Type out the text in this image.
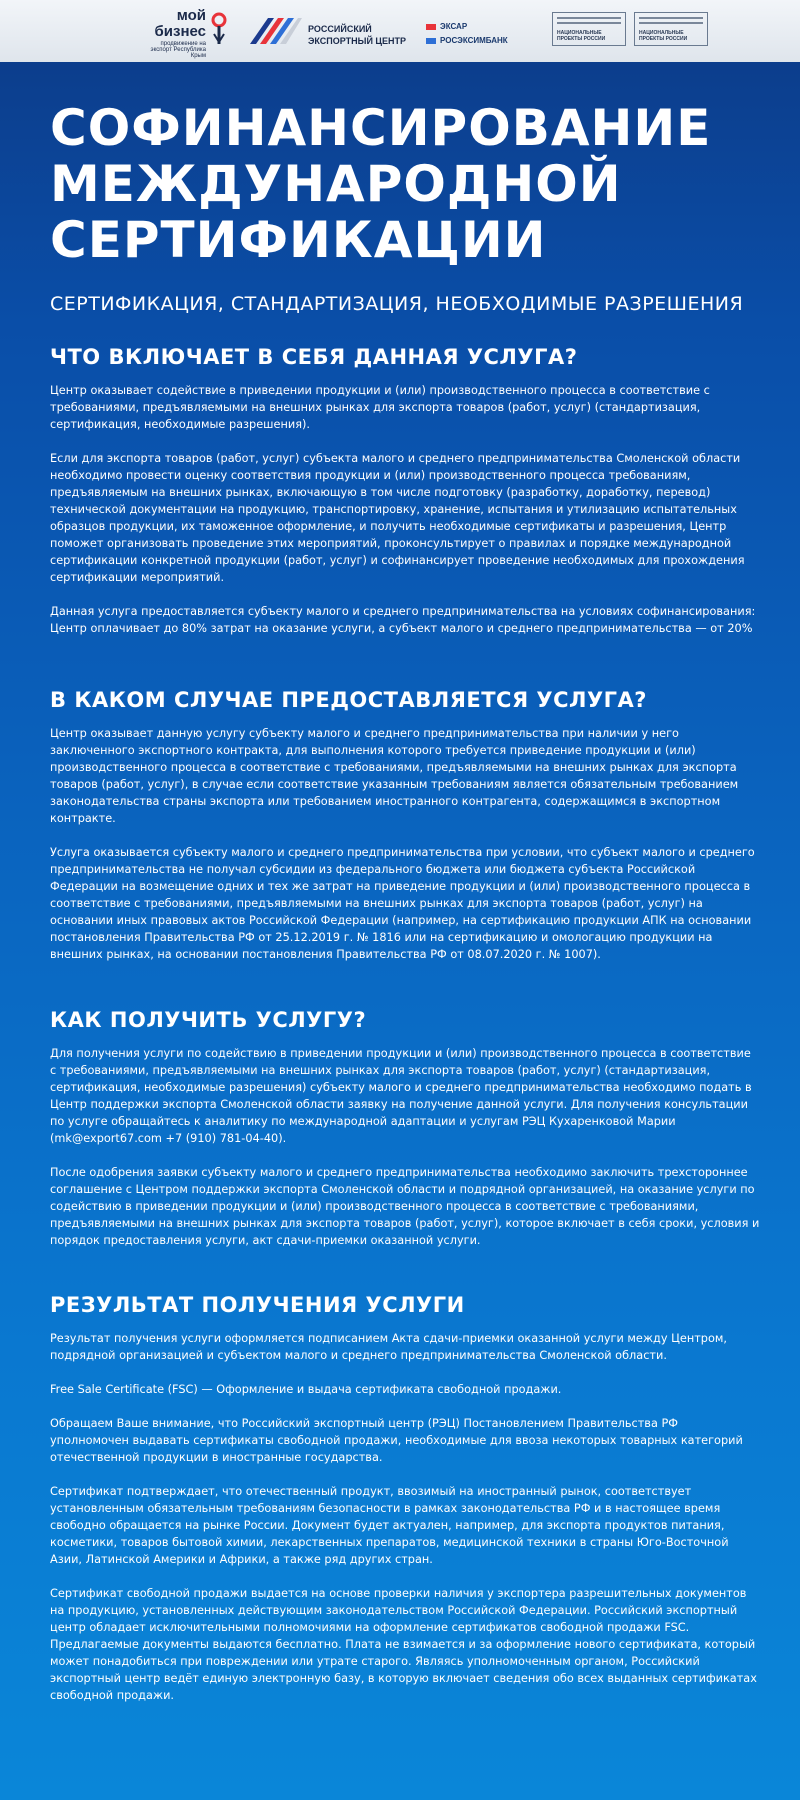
мой
бизнес
продвижение на экспорт Республика Крым
РОССИЙСКИЙ
ЭКСПОРТНЫЙ ЦЕНТР
ЭКСАР
РОСЭКСИМБАНК
НАЦИОНАЛЬНЫЕ ПРОЕКТЫ РОССИИ
НАЦИОНАЛЬНЫЕ ПРОЕКТЫ РОССИИ
СОФИНАНСИРОВАНИЕ
МЕЖДУНАРОДНОЙ
СЕРТИФИКАЦИИ
СЕРТИФИКАЦИЯ, СТАНДАРТИЗАЦИЯ, НЕОБХОДИМЫЕ РАЗРЕШЕНИЯ
ЧТО ВКЛЮЧАЕТ В СЕБЯ ДАННАЯ УСЛУГА?

Центр оказывает содействие в приведении продукции и (или) производственного процесса в соответствие с требованиями, предъявляемыми на внешних рынках для экспорта товаров (работ, услуг) (стандартизация, сертификация, необходимые разрешения).

Если для экспорта товаров (работ, услуг) субъекта малого и среднего предпринимательства Смоленской области необходимо провести оценку соответствия продукции и (или) производственного процесса требованиям, предъявляемым на внешних рынках, включающую в том числе подготовку (разработку, доработку, перевод) технической документации на продукцию, транспортировку, хранение, испытания и утилизацию испытательных образцов продукции, их таможенное оформление, и получить необходимые сертификаты и разрешения, Центр поможет организовать проведение этих мероприятий, проконсультирует о правилах и порядке международной сертификации конкретной продукции (работ, услуг) и софинансирует проведение необходимых для прохождения сертификации мероприятий.

Данная услуга предоставляется субъекту малого и среднего предпринимательства на условиях софинансирования: Центр оплачивает до 80% затрат на оказание услуги, а субъект малого и среднего предпринимательства — от 20%

В КАКОМ СЛУЧАЕ ПРЕДОСТАВЛЯЕТСЯ УСЛУГА?

Центр оказывает данную услугу субъекту малого и среднего предпринимательства при наличии у него заключенного экспортного контракта, для выполнения которого требуется приведение продукции и (или) производственного процесса в соответствие с требованиями, предъявляемыми на внешних рынках для экспорта товаров (работ, услуг), в случае если соответствие указанным требованиям является обязательным требованием законодательства страны экспорта или требованием иностранного контрагента, содержащимся в экспортном контракте.

Услуга оказывается субъекту малого и среднего предпринимательства при условии, что субъект малого и среднего предпринимательства не получал субсидии из федерального бюджета или бюджета субъекта Российской Федерации на возмещение одних и тех же затрат на приведение продукции и (или) производственного процесса в соответствие с требованиями, предъявляемыми на внешних рынках для экспорта товаров (работ, услуг) на основании иных правовых актов Российской Федерации (например, на сертификацию продукции АПК на основании постановления Правительства РФ от 25.12.2019 г. № 1816 или на сертификацию и омологацию продукции на внешних рынках, на основании постановления Правительства РФ от 08.07.2020 г. № 1007).

КАК ПОЛУЧИТЬ УСЛУГУ?

Для получения услуги по содействию в приведении продукции и (или) производственного процесса в соответствие с требованиями, предъявляемыми на внешних рынках для экспорта товаров (работ, услуг) (стандартизация, сертификация, необходимые разрешения) субъекту малого и среднего предпринимательства необходимо подать в Центр поддержки экспорта Смоленской области заявку на получение данной услуги. Для получения консультации по услуге обращайтесь к аналитику по международной адаптации и услугам РЭЦ Кухаренковой Марии (mk@export67.com +7 (910) 781-04-40).

После одобрения заявки субъекту малого и среднего предпринимательства необходимо заключить трехстороннее соглашение с Центром поддержки экспорта Смоленской области и подрядной организацией, на оказание услуги по содействию в приведении продукции и (или) производственного процесса в соответствие с требованиями, предъявляемыми на внешних рынках для экспорта товаров (работ, услуг), которое включает в себя сроки, условия и порядок предоставления услуги, акт сдачи-приемки оказанной услуги.

РЕЗУЛЬТАТ ПОЛУЧЕНИЯ УСЛУГИ

Результат получения услуги оформляется подписанием Акта сдачи-приемки оказанной услуги между Центром, подрядной организацией и субъектом малого и среднего предпринимательства Смоленской области.

Free Sale Certificate (FSC) — Оформление и выдача сертификата свободной продажи.

Обращаем Ваше внимание, что Российский экспортный центр (РЭЦ) Постановлением Правительства РФ уполномочен выдавать сертификаты свободной продажи, необходимые для ввоза некоторых товарных категорий отечественной продукции в иностранные государства.

Сертификат подтверждает, что отечественный продукт, ввозимый на иностранный рынок, соответствует установленным обязательным требованиям безопасности в рамках законодательства РФ и в настоящее время свободно обращается на рынке России. Документ будет актуален, например, для экспорта продуктов питания, косметики, товаров бытовой химии, лекарственных препаратов, медицинской техники в страны Юго-Восточной Азии, Латинской Америки и Африки, а также ряд других стран.

Сертификат свободной продажи выдается на основе проверки наличия у экспортера разрешительных документов на продукцию, установленных действующим законодательством Российской Федерации. Российский экспортный центр обладает исключительными полномочиями на оформление сертификатов свободной продажи FSC. Предлагаемые документы выдаются бесплатно. Плата не взимается и за оформление нового сертификата, который может понадобиться при повреждении или утрате старого. Являясь уполномоченным органом, Российский экспортный центр ведёт единую электронную базу, в которую включает сведения обо всех выданных сертификатах свободной продажи.
